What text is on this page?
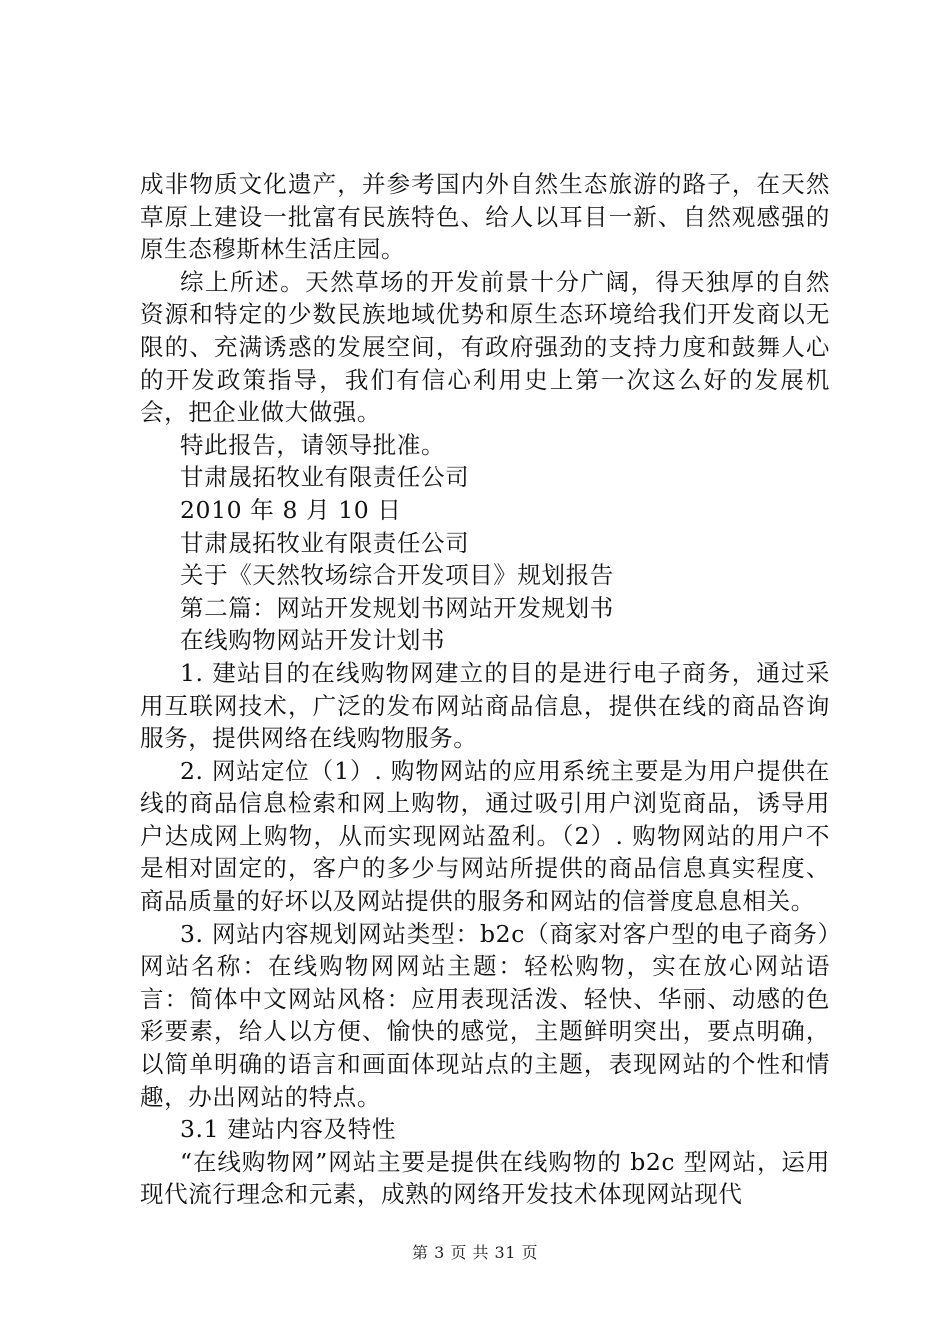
成非物质文化遗产，并参考国内外自然生态旅游的路子，在天然草原上建设一批富有民族特色、给人以耳目一新、自然观感强的原生态穆斯林生活庄园。

综上所述。天然草场的开发前景十分广阔，得天独厚的自然资源和特定的少数民族地域优势和原生态环境给我们开发商以无限的、充满诱惑的发展空间，有政府强劲的支持力度和鼓舞人心的开发政策指导，我们有信心利用史上第一次这么好的发展机会，把企业做大做强。

特此报告，请领导批准。

甘肃晟拓牧业有限责任公司

2010 年 8 月 10 日

甘肃晟拓牧业有限责任公司

关于《天然牧场综合开发项目》规划报告

第二篇：网站开发规划书网站开发规划书

在线购物网站开发计划书

1. 建站目的在线购物网建立的目的是进行电子商务，通过采用互联网技术，广泛的发布网站商品信息，提供在线的商品咨询服务，提供网络在线购物服务。

2. 网站定位（1）. 购物网站的应用系统主要是为用户提供在线的商品信息检索和网上购物，通过吸引用户浏览商品，诱导用户达成网上购物，从而实现网站盈利。（2）. 购物网站的用户不是相对固定的，客户的多少与网站所提供的商品信息真实程度、商品质量的好坏以及网站提供的服务和网站的信誉度息息相关。

3. 网站内容规划网站类型：b2c（商家对客户型的电子商务）网站名称：在线购物网网站主题：轻松购物，实在放心网站语言：简体中文网站风格：应用表现活泼、轻快、华丽、动感的色彩要素，给人以方便、愉快的感觉，主题鲜明突出，要点明确，以简单明确的语言和画面体现站点的主题，表现网站的个性和情趣，办出网站的特点。

3.1 建站内容及特性

“在线购物网”网站主要是提供在线购物的 b2c 型网站，运用现代流行理念和元素，成熟的网络开发技术体现网站现代

第 3 页 共 31 页
